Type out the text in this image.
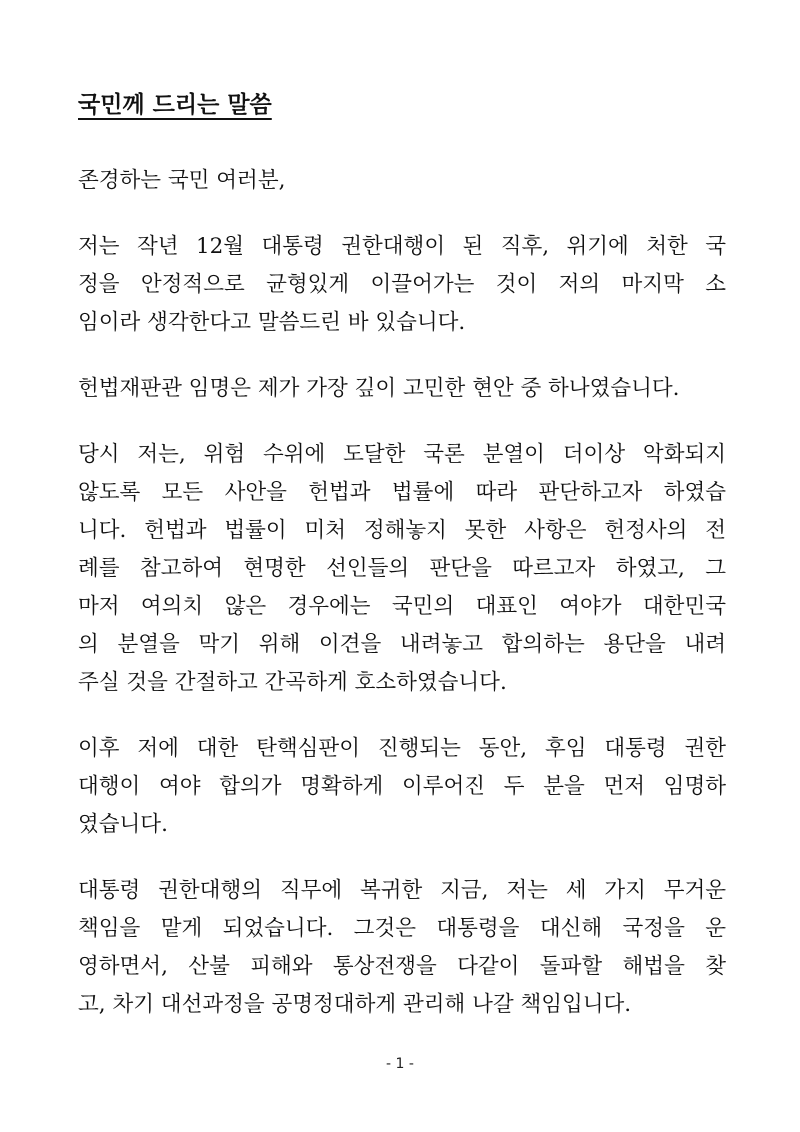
국민께 드리는 말씀
존경하는 국민 여러분,
저는 작년 12월 대통령 권한대행이 된 직후, 위기에 처한 국
정을 안정적으로 균형있게 이끌어가는 것이 저의 마지막 소
임이라 생각한다고 말씀드린 바 있습니다.
헌법재판관 임명은 제가 가장 깊이 고민한 현안 중 하나였습니다.
당시 저는, 위험 수위에 도달한 국론 분열이 더이상 악화되지
않도록 모든 사안을 헌법과 법률에 따라 판단하고자 하였습
니다. 헌법과 법률이 미처 정해놓지 못한 사항은 헌정사의 전
례를 참고하여 현명한 선인들의 판단을 따르고자 하였고, 그
마저 여의치 않은 경우에는 국민의 대표인 여야가 대한민국
의 분열을 막기 위해 이견을 내려놓고 합의하는 용단을 내려
주실 것을 간절하고 간곡하게 호소하였습니다.
이후 저에 대한 탄핵심판이 진행되는 동안, 후임 대통령 권한
대행이 여야 합의가 명확하게 이루어진 두 분을 먼저 임명하
였습니다.
대통령 권한대행의 직무에 복귀한 지금, 저는 세 가지 무거운
책임을 맡게 되었습니다. 그것은 대통령을 대신해 국정을 운
영하면서, 산불 피해와 통상전쟁을 다같이 돌파할 해법을 찾
고, 차기 대선과정을 공명정대하게 관리해 나갈 책임입니다.
- 1 -
